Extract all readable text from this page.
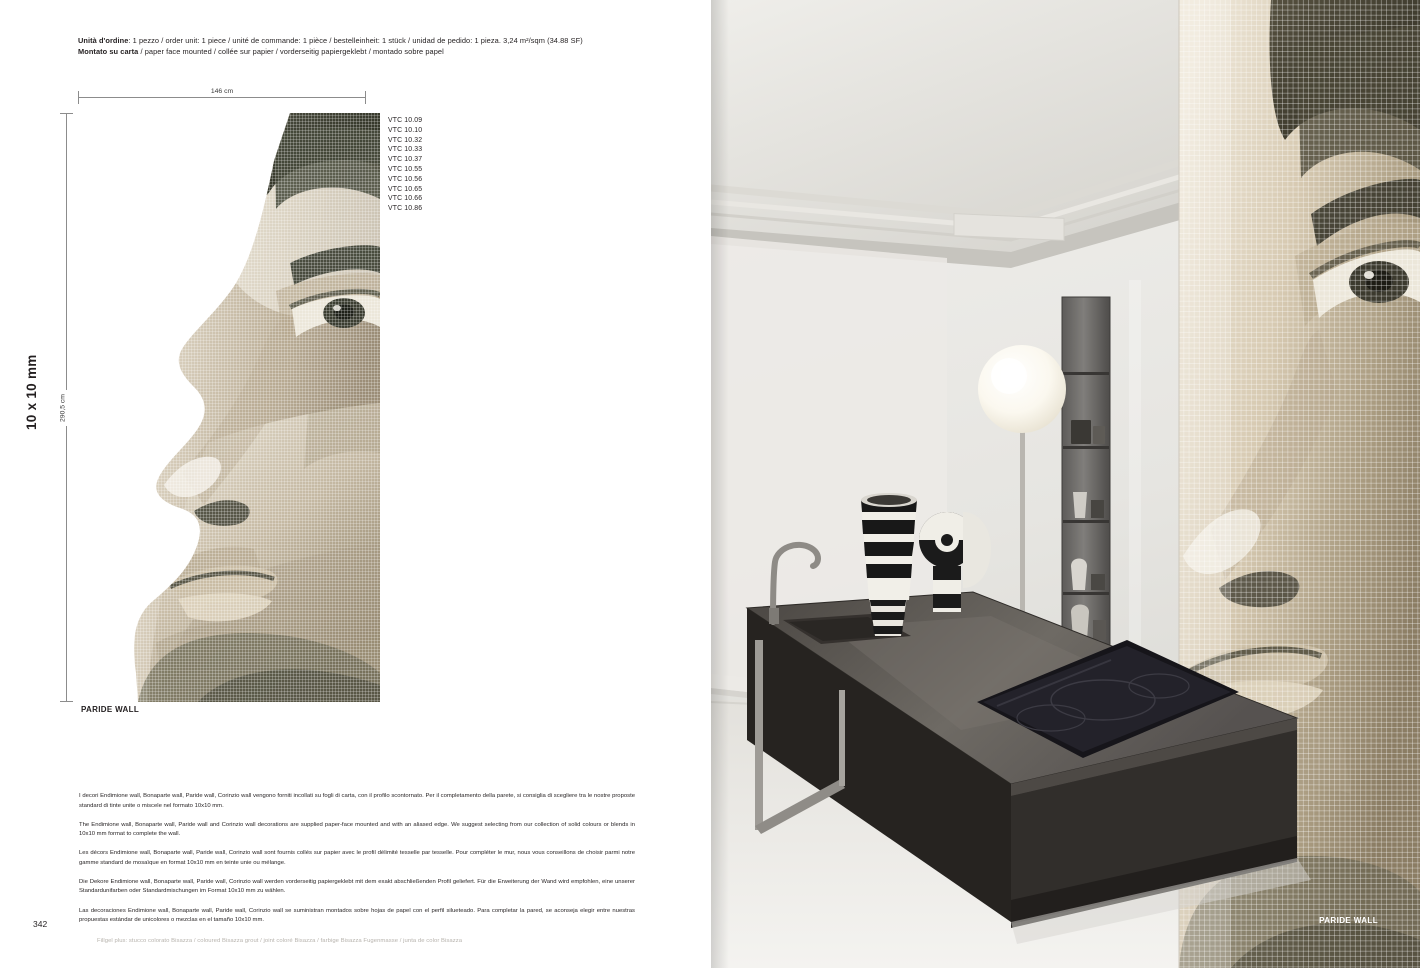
Unità d'ordine: 1 pezzo / order unit: 1 piece / unité de commande: 1 pièce / bestelleinheit: 1 stück / unidad de pedido: 1 pieza. 3,24 m²/sqm (34.88 SF)
Montato su carta / paper face mounted / collée sur papier / vorderseitig papiergeklebt / montado sobre papel
146 cm
290,5 cm
10 x 10 mm
VTC 10.09
VTC 10.10
VTC 10.32
VTC 10.33
VTC 10.37
VTC 10.55
VTC 10.56
VTC 10.65
VTC 10.66
VTC 10.86
PARIDE WALL

I decori Endimione wall, Bonaparte wall, Paride wall, Corinzio wall vengono forniti incollati su fogli di carta, con il profilo scontornato. Per il completamento della parete, si consiglia di scegliere tra le nostre proposte standard di tinte unite o miscele nel formato 10x10 mm.

The Endimione wall, Bonaparte wall, Paride wall and Corinzio wall decorations are supplied paper-face mounted and with an aliased edge. We suggest selecting from our collection of solid colours or blends in 10x10 mm format to complete the wall.

Les décors Endimione wall, Bonaparte wall, Paride wall, Corinzio wall sont fournis collés sur papier avec le profil délimité tesselle par tesselle. Pour compléter le mur, nous vous conseillons de choisir parmi notre gamme standard de mosaïque en format 10x10 mm en teinte unie ou mélange.

Die Dekore Endimione wall, Bonaparte wall, Paride wall, Corinzio wall werden vorderseitig papiergeklebt mit dem exakt abschließenden Profil geliefert. Für die Erweiterung der Wand wird empfohlen, eine unserer Standardunifarben oder Standardmischungen im Format 10x10 mm zu wählen.

Las decoraciones Endimione wall, Bonaparte wall, Paride wall, Corinzio wall se suministran montados sobre hojas de papel con el perfil silueteado. Para completar la pared, se aconseja elegir entre nuestras propuestas estándar de unicolores o mezclas en el tamaño 10x10 mm.

Fillgel plus: stucco colorato Bisazza / coloured Bisazza grout / joint coloré Bisazza / farbige Bisazza Fugenmasse / junta de color Bisazza
342	PARIDE WALL
